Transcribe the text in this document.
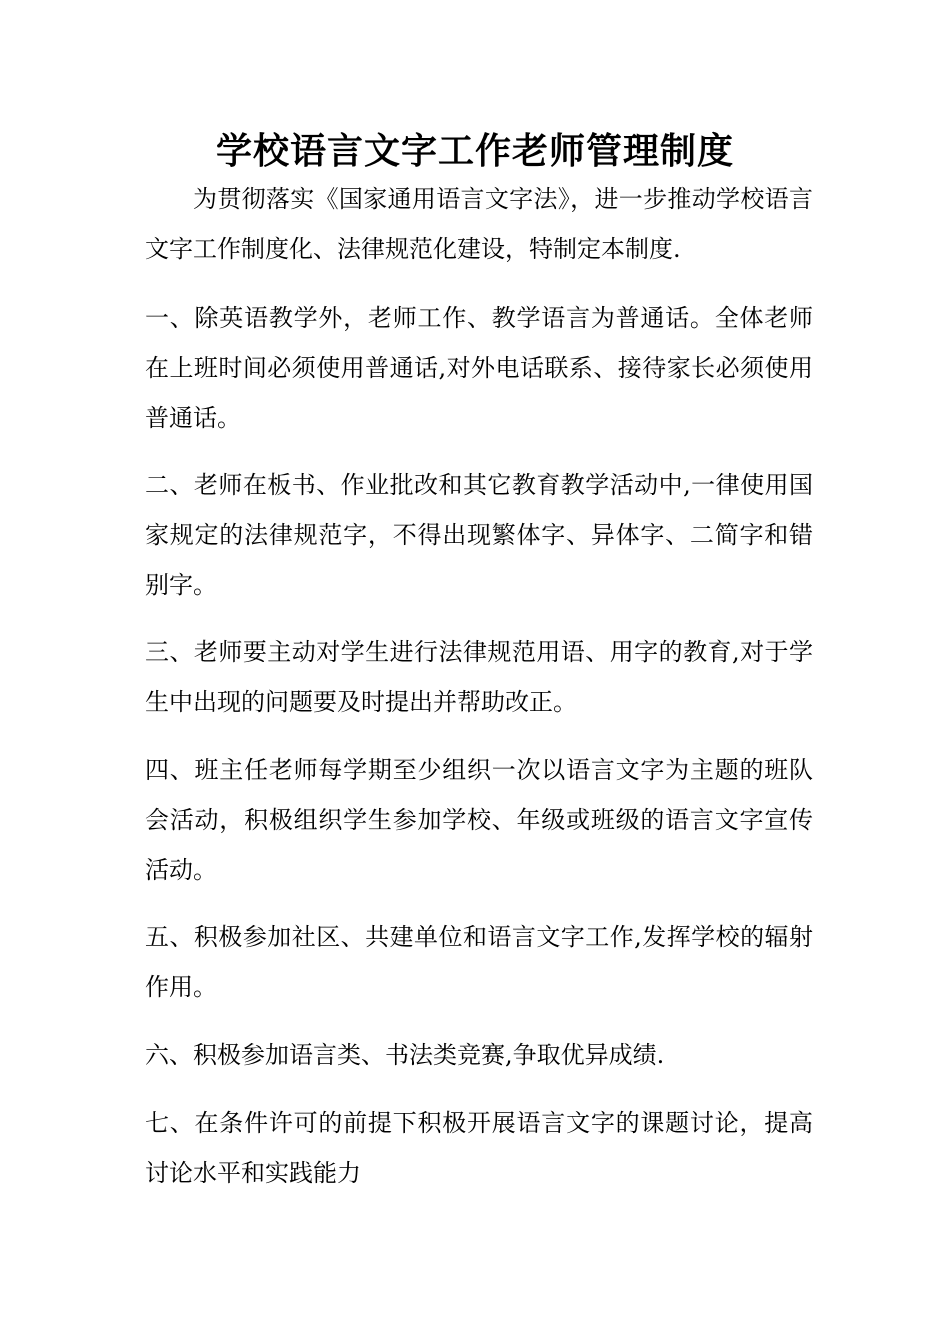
学校语言文字工作老师管理制度

为贯彻落实《国家通用语言文字法》，进一步推动学校语言文字工作制度化、法律规范化建设，特制定本制度.

一、除英语教学外，老师工作、教学语言为普通话。全体老师在上班时间必须使用普通话,对外电话联系、接待家长必须使用普通话。

二、老师在板书、作业批改和其它教育教学活动中,一律使用国家规定的法律规范字，不得出现繁体字、异体字、二简字和错别字。

三、老师要主动对学生进行法律规范用语、用字的教育,对于学生中出现的问题要及时提出并帮助改正。

四、班主任老师每学期至少组织一次以语言文字为主题的班队会活动，积极组织学生参加学校、年级或班级的语言文字宣传活动。

五、积极参加社区、共建单位和语言文字工作,发挥学校的辐射作用。

六、积极参加语言类、书法类竞赛,争取优异成绩.

七、在条件许可的前提下积极开展语言文字的课题讨论，提高讨论水平和实践能力
